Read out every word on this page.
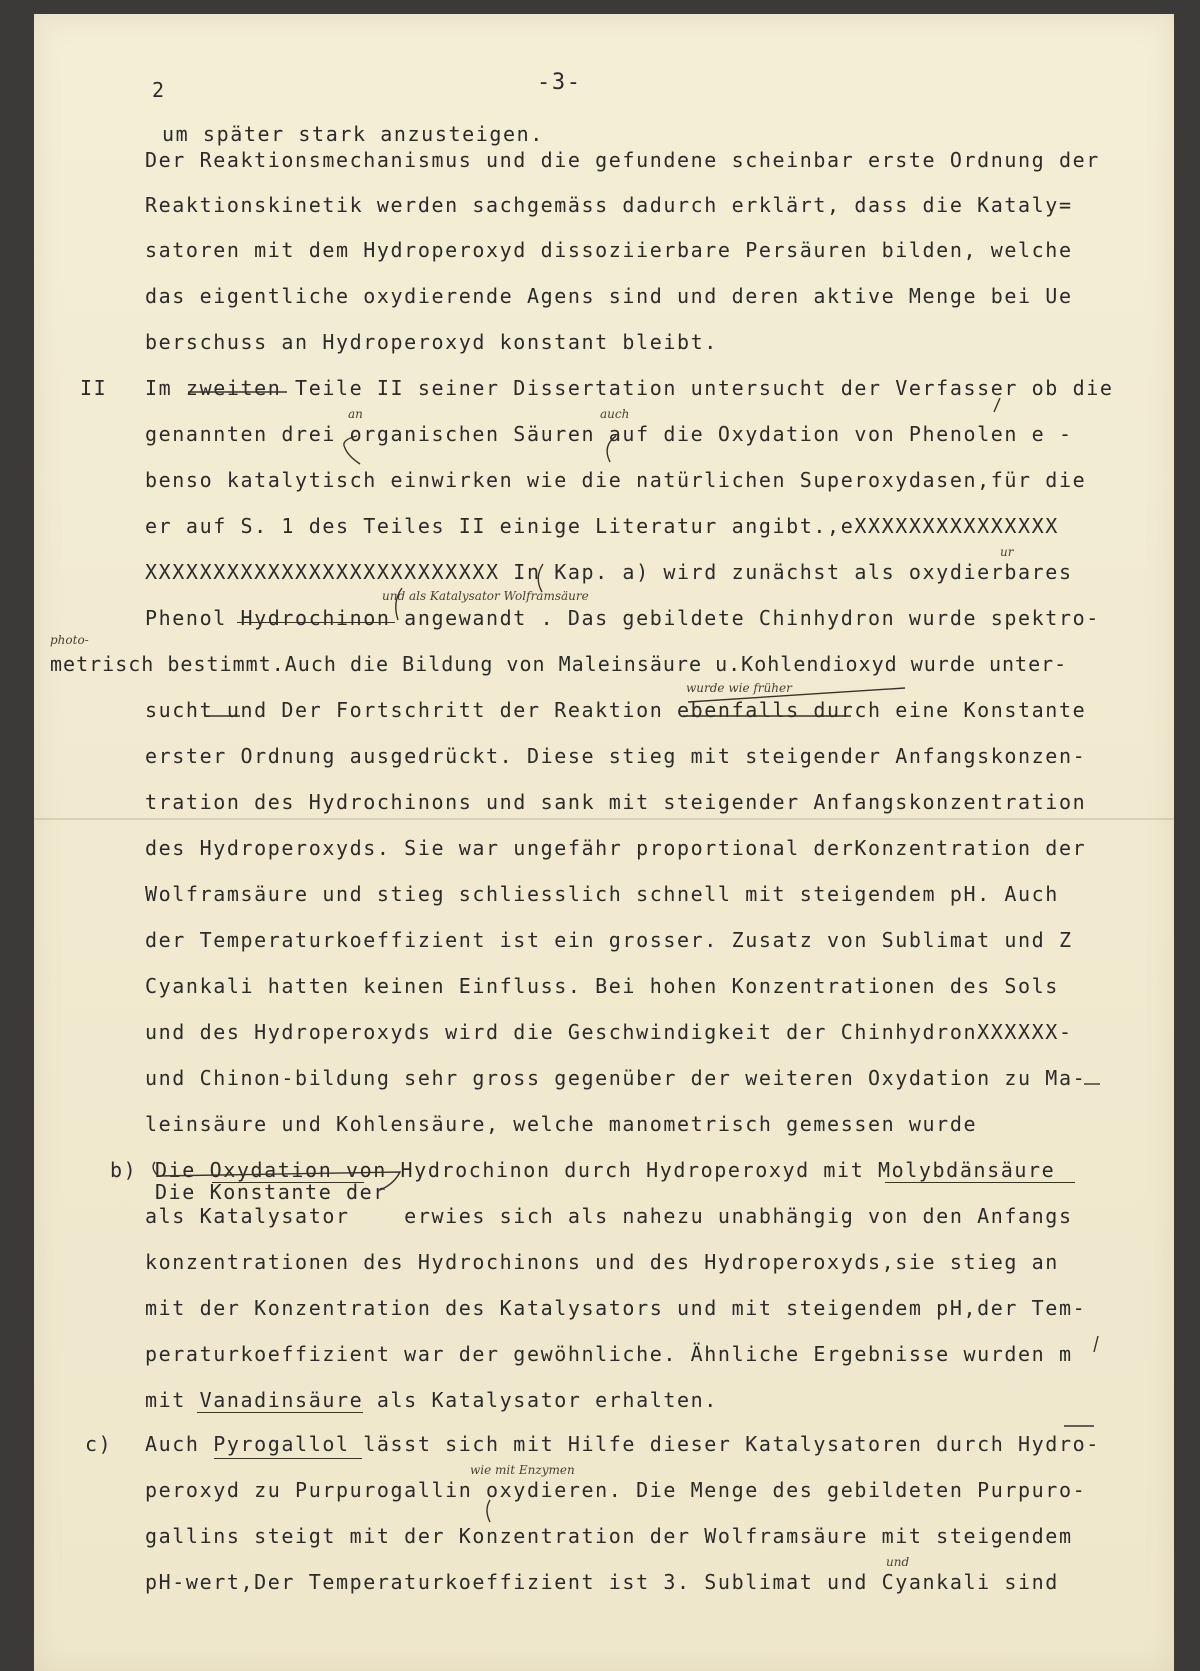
2	-3-
II
b)
c)
um später stark anzusteigen.
Der Reaktionsmechanismus und die gefundene scheinbar erste Ordnung der
Reaktionskinetik werden sachgemäss dadurch erklärt, dass die Kataly=
satoren mit dem Hydroperoxyd dissoziierbare Persäuren bilden, welche
das eigentliche oxydierende Agens sind und deren aktive Menge bei Ue
berschuss an Hydroperoxyd konstant bleibt.
Im zweiten Teile II seiner Dissertation untersucht der Verfasser ob die
genannten drei organischen Säuren auf die Oxydation von Phenolen e -
benso katalytisch einwirken wie die natürlichen Superoxydasen,für die
er auf S. 1 des Teiles II einige Literatur angibt.,eXXXXXXXXXXXXXXX
XXXXXXXXXXXXXXXXXXXXXXXXXX In Kap. a) wird zunächst als oxydierbares
Phenol Hydrochinon angewandt . Das gebildete Chinhydron wurde spektro-
metrisch bestimmt.Auch die Bildung von Maleinsäure u.Kohlendioxyd wurde unter-
sucht und Der Fortschritt der Reaktion ebenfalls durch eine Konstante
erster Ordnung ausgedrückt. Diese stieg mit steigender Anfangskonzen-
tration des Hydrochinons und sank mit steigender Anfangskonzentration
des Hydroperoxyds. Sie war ungefähr proportional derKonzentration der
Wolframsäure und stieg schliesslich schnell mit steigendem pH. Auch
der Temperaturkoeffizient ist ein grosser. Zusatz von Sublimat und Z
Cyankali hatten keinen Einfluss. Bei hohen Konzentrationen des Sols
und des Hydroperoxyds wird die Geschwindigkeit der ChinhydronXXXXXX-
und Chinon-bildung sehr gross gegenüber der weiteren Oxydation zu Ma-
leinsäure und Kohlensäure, welche manometrisch gemessen wurde
Die Oxydation von Hydrochinon durch Hydroperoxyd mit Molybdänsäure
Die Konstante der
als Katalysator    erwies sich als nahezu unabhängig von den Anfangs
konzentrationen des Hydrochinons und des Hydroperoxyds,sie stieg an
mit der Konzentration des Katalysators und mit steigendem pH,der Tem-
peraturkoeffizient war der gewöhnliche. Ähnliche Ergebnisse wurden m
mit Vanadinsäure als Katalysator erhalten.
Auch Pyrogallol lässt sich mit Hilfe dieser Katalysatoren durch Hydro-
peroxyd zu Purpurogallin oxydieren. Die Menge des gebildeten Purpuro-
gallins steigt mit der Konzentration der Wolframsäure mit steigendem
pH-wert,Der Temperaturkoeffizient ist 3. Sublimat und Cyankali sind
an	auch
ur
und als Katalysator Wolframsäure
photo-
wurde wie früher
wie mit Enzymen
und
